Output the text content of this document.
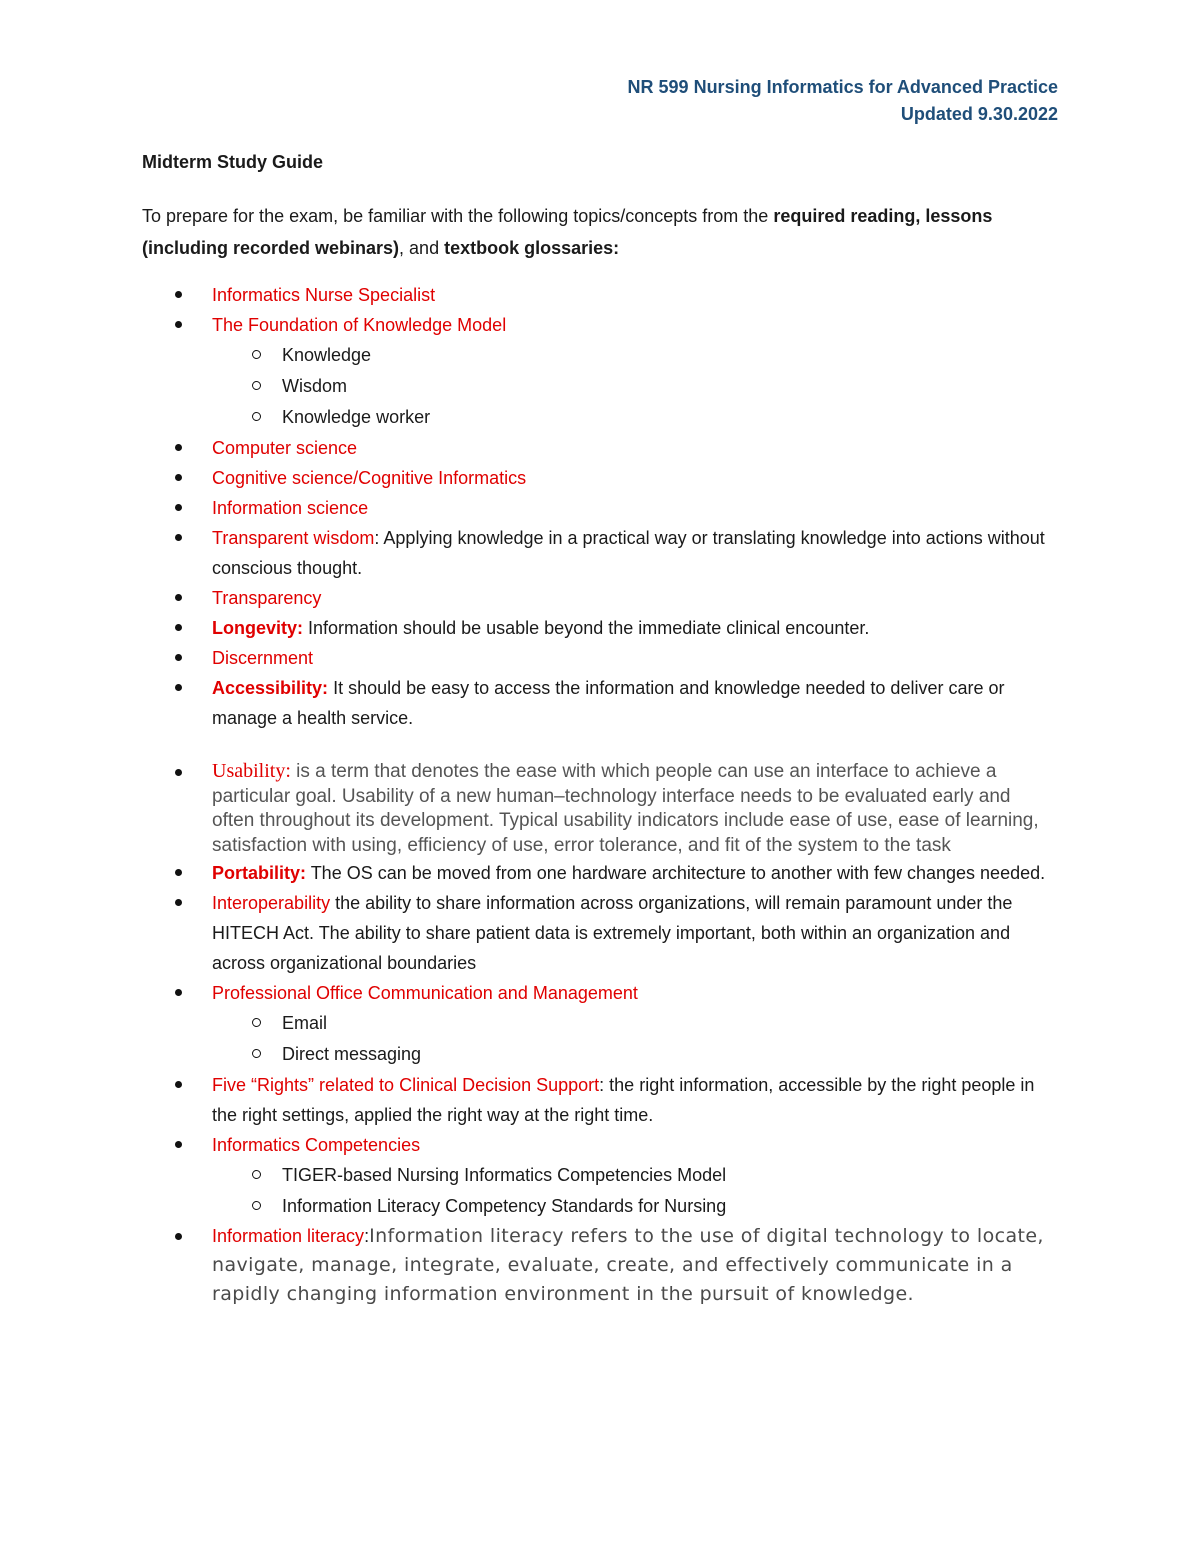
NR 599 Nursing Informatics for Advanced Practice
Updated 9.30.2022
Midterm Study Guide
To prepare for the exam, be familiar with the following topics/concepts from the required reading, lessons (including recorded webinars), and textbook glossaries:
Informatics Nurse Specialist
The Foundation of Knowledge Model
Knowledge
Wisdom
Knowledge worker
Computer science
Cognitive science/Cognitive Informatics
Information science
Transparent wisdom: Applying knowledge in a practical way or translating knowledge into actions without conscious thought.
Transparency
Longevity: Information should be usable beyond the immediate clinical encounter.
Discernment
Accessibility: It should be easy to access the information and knowledge needed to deliver care or manage a health service.
Usability: is a term that denotes the ease with which people can use an interface to achieve a particular goal. Usability of a new human–technology interface needs to be evaluated early and often throughout its development. Typical usability indicators include ease of use, ease of learning, satisfaction with using, efficiency of use, error tolerance, and fit of the system to the task
Portability: The OS can be moved from one hardware architecture to another with few changes needed.
Interoperability the ability to share information across organizations, will remain paramount under the HITECH Act. The ability to share patient data is extremely important, both within an organization and across organizational boundaries
Professional Office Communication and Management
Email
Direct messaging
Five “Rights” related to Clinical Decision Support: the right information, accessible by the right people in the right settings, applied the right way at the right time.
Informatics Competencies
TIGER-based Nursing Informatics Competencies Model
Information Literacy Competency Standards for Nursing
Information literacy:Information literacy refers to the use of digital technology to locate, navigate, manage, integrate, evaluate, create, and effectively communicate in a rapidly changing information environment in the pursuit of knowledge.
